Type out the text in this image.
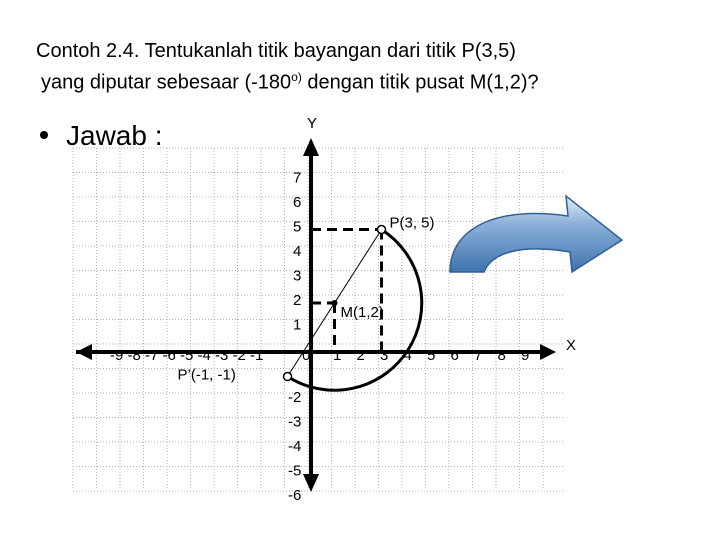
Contoh 2.4. Tentukanlah titik bayangan dari titik P(3,5)
yang diputar sebesaar (-180$^{o)}$ dengan titik pusat M(1,2)?
Jawab :	Y
X
-9 -8 -7 -6 -5 -4 -3 -2 -1	0 1 2 3 4 5 6 7 8 9
7
6
5
4
3
2
1
-2
-3
-4
-5
-6
P(3, 5)
M(1,2)
P’(-1, -1)
